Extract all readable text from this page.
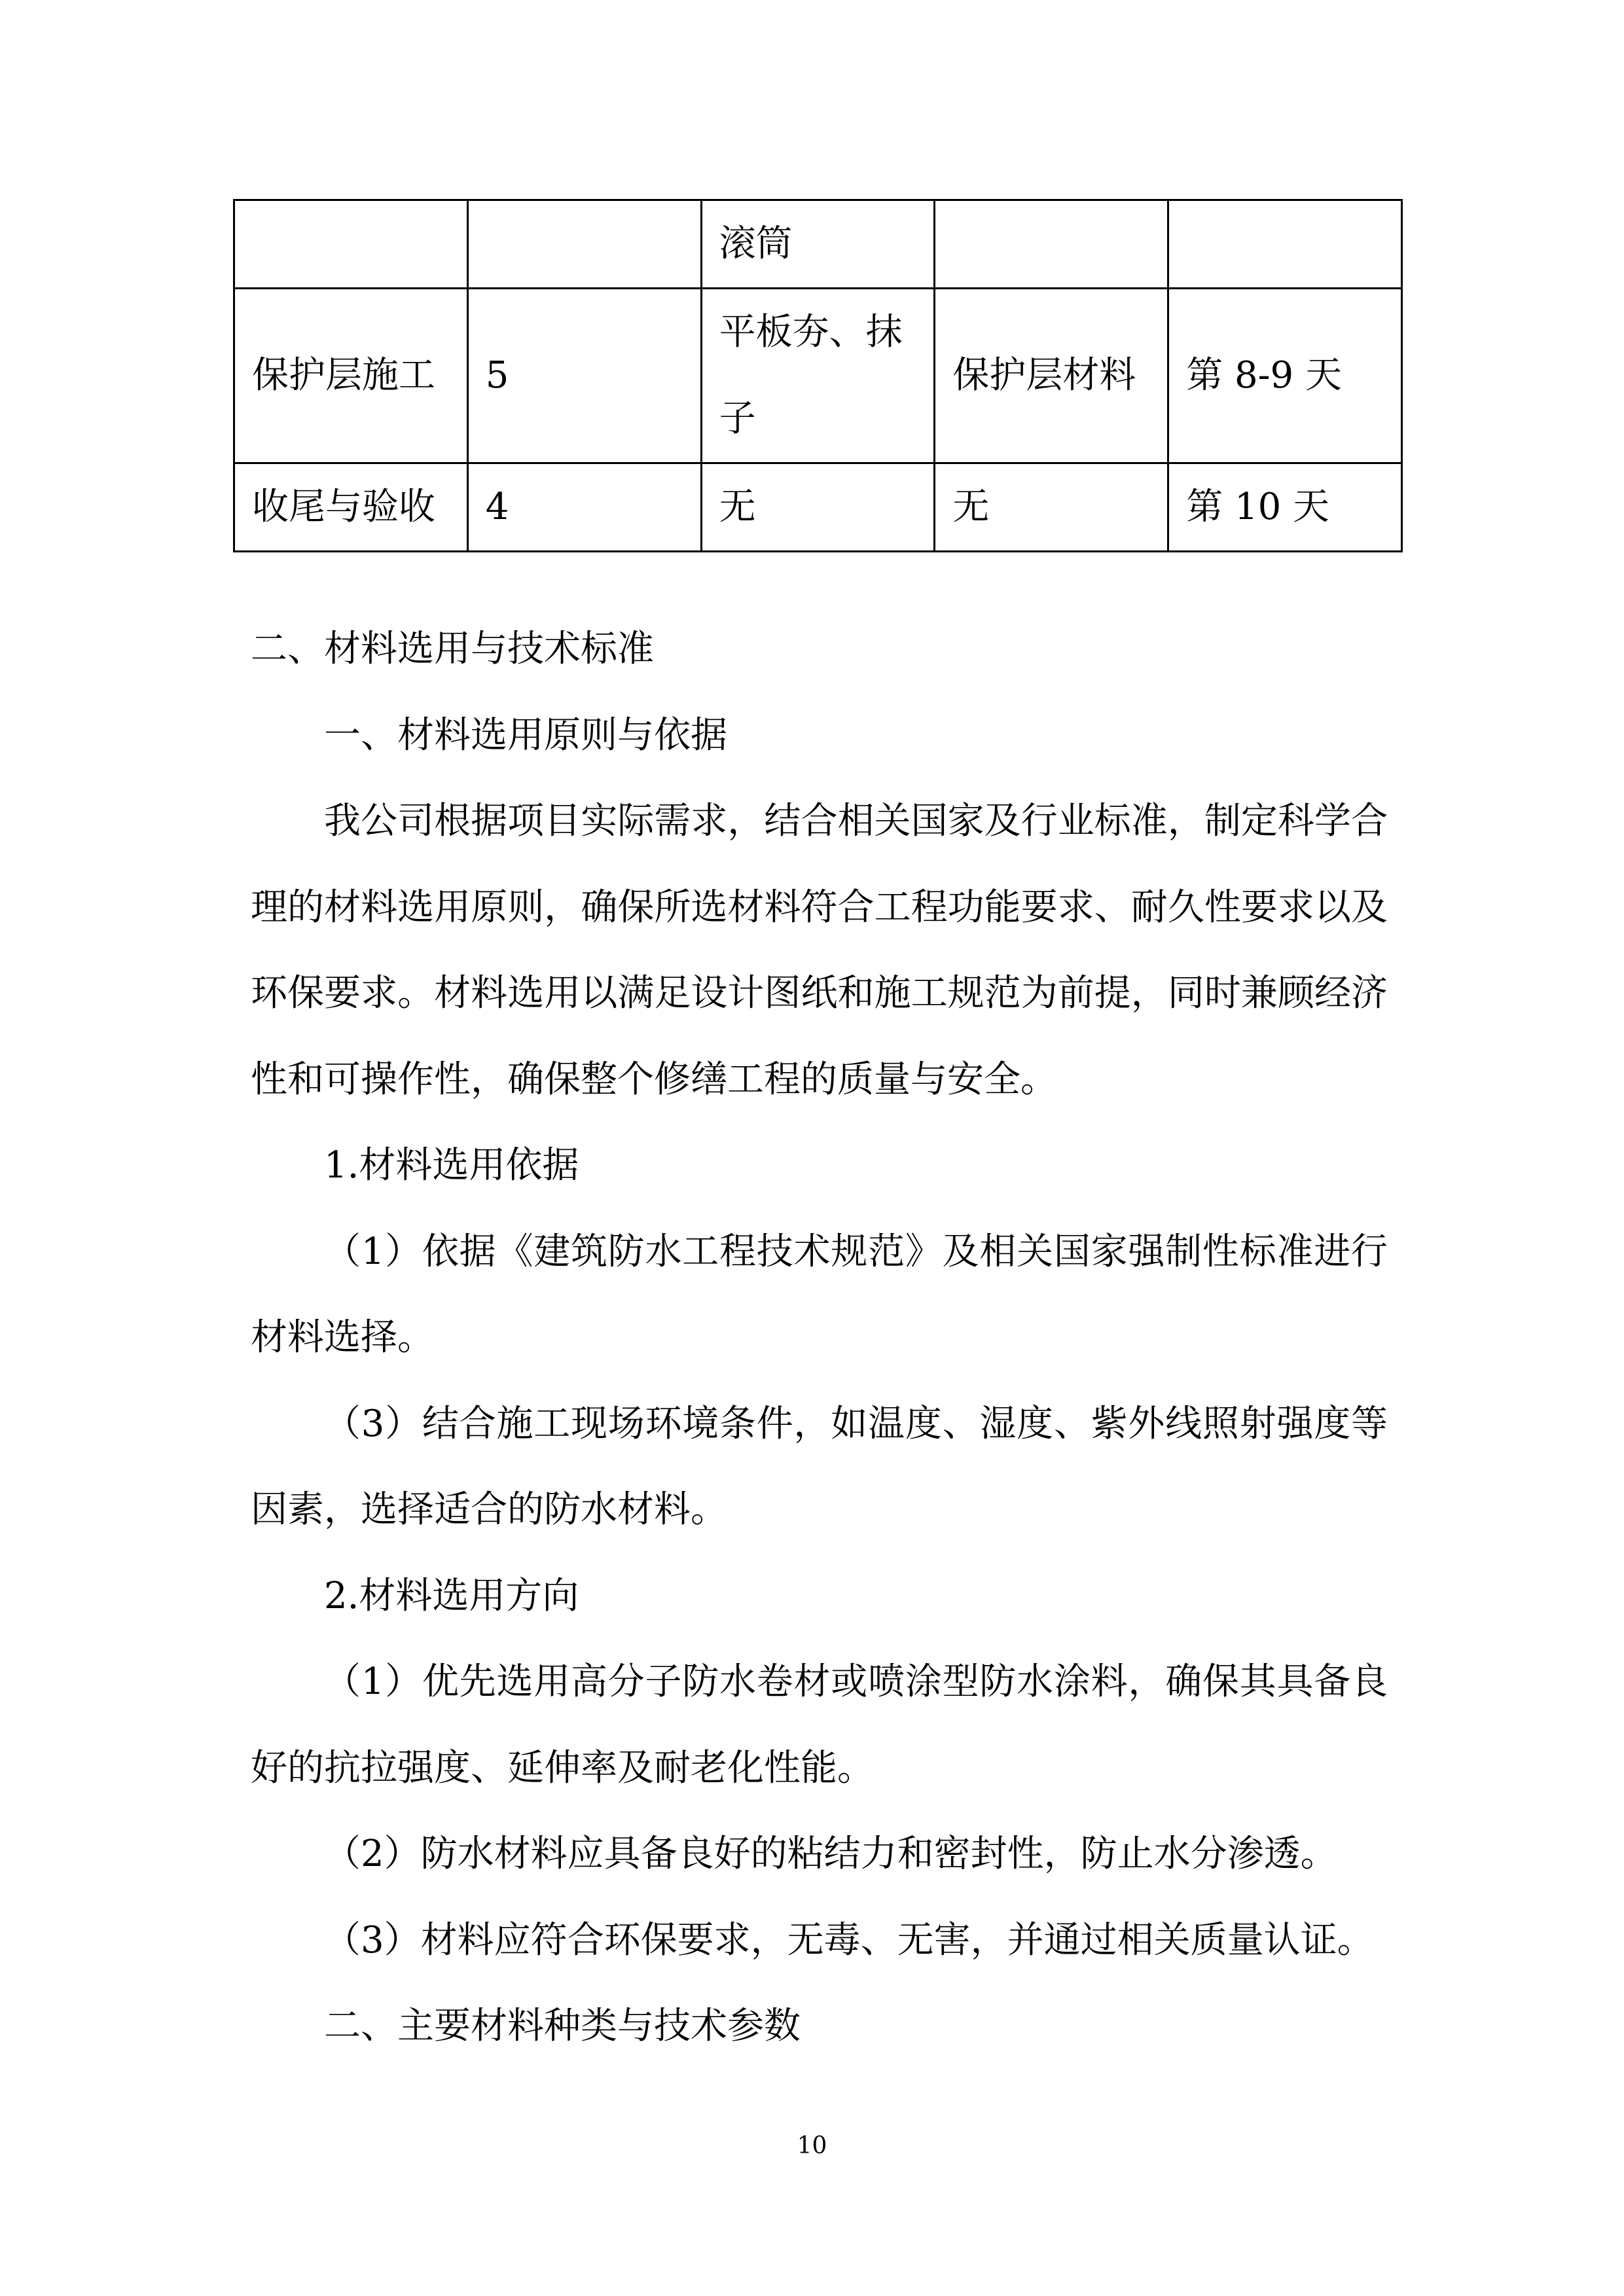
		滚筒		
保护层施工	5	平板夯、抹子	保护层材料	第 8-9 天
收尾与验收	4	无	无	第 10 天

二、材料选用与技术标准

一、材料选用原则与依据

我公司根据项目实际需求，结合相关国家及行业标准，制定科学合理的材料选用原则，确保所选材料符合工程功能要求、耐久性要求以及环保要求。材料选用以满足设计图纸和施工规范为前提，同时兼顾经济性和可操作性，确保整个修缮工程的质量与安全。

1.材料选用依据

（1）依据《建筑防水工程技术规范》及相关国家强制性标准进行材料选择。

（3）结合施工现场环境条件，如温度、湿度、紫外线照射强度等因素，选择适合的防水材料。

2.材料选用方向

（1）优先选用高分子防水卷材或喷涂型防水涂料，确保其具备良好的抗拉强度、延伸率及耐老化性能。

（2）防水材料应具备良好的粘结力和密封性，防止水分渗透。

（3）材料应符合环保要求，无毒、无害，并通过相关质量认证。

二、主要材料种类与技术参数

10
